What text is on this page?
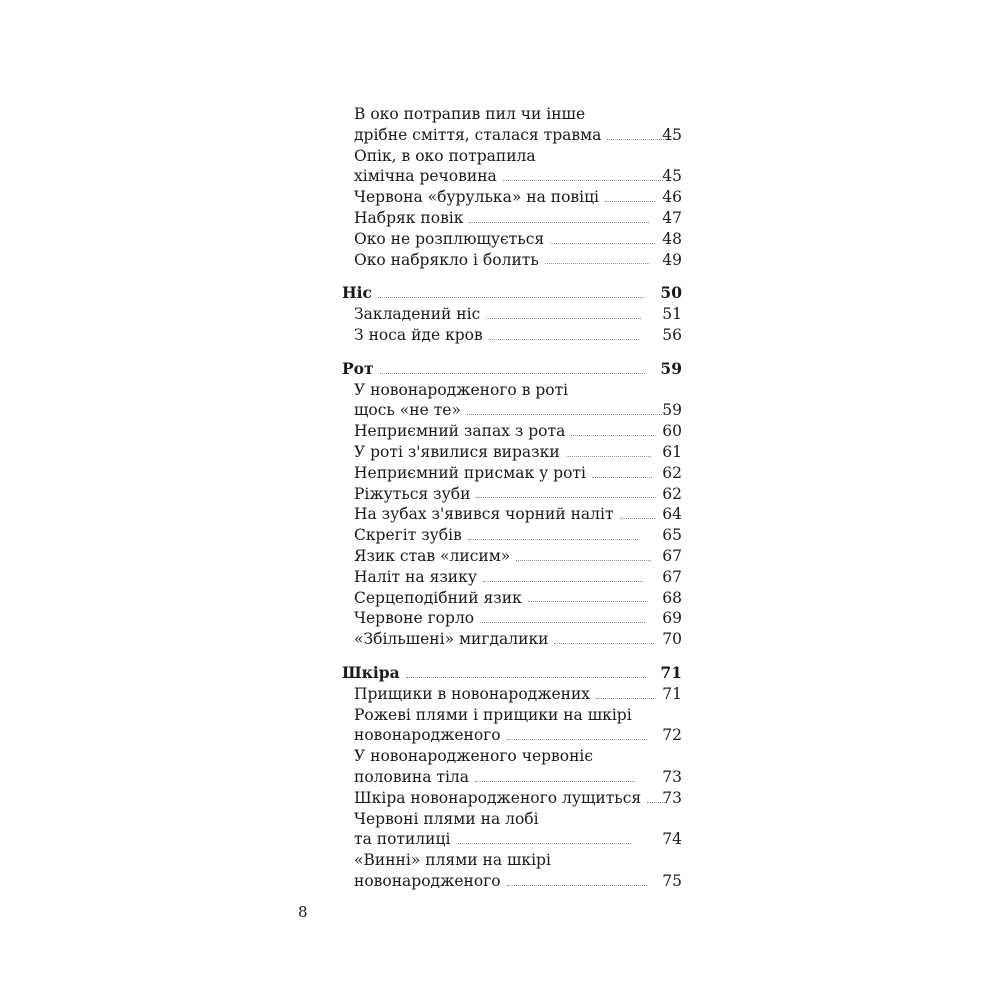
В око потрапив пил чи інше
дрібне сміття, сталася травма	45
Опік, в око потрапила
хімічна речовина	45
Червона «бурулька» на повіці	46
Набряк повік	47
Око не розплющується	48
Око набрякло і болить	49
Ніс	50
Закладений ніс	51
З носа йде кров	56
Рот	59
У новонародженого в роті
щось «не те»	59
Неприємний запах з рота	60
У роті з'явилися виразки	61
Неприємний присмак у роті	62
Ріжуться зуби	62
На зубах з'явився чорний наліт	64
Скрегіт зубів	65
Язик став «лисим»	67
Наліт на язику	67
Серцеподібний язик	68
Червоне горло	69
«Збільшені» мигдалики	70
Шкіра	71
Прищики в новонароджених	71
Рожеві плями і прищики на шкірі
новонародженого	72
У новонародженого червоніє
половина тіла	73
Шкіра новонародженого лущиться 73
Червоні плями на лобі
та потилиці	74
«Винні» плями на шкірі
новонародженого	75
8
